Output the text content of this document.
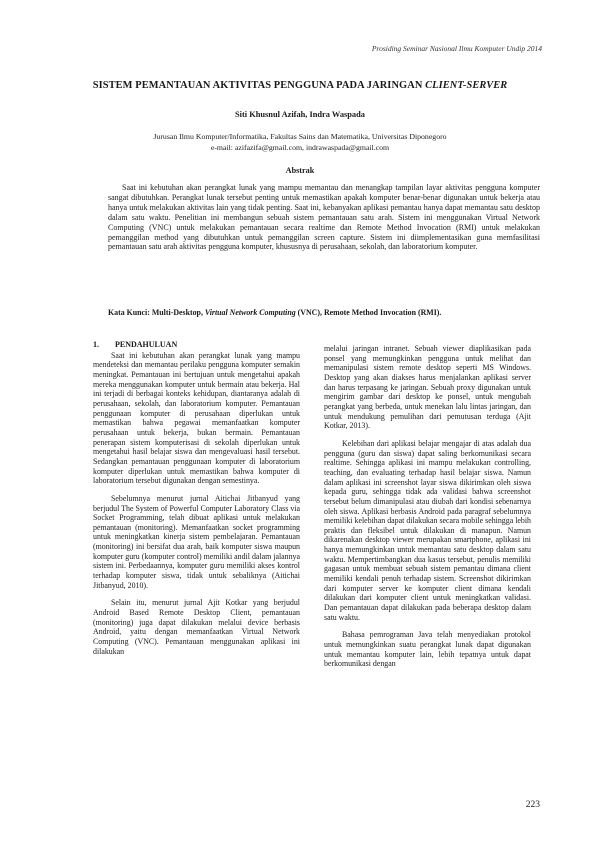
Prosiding Seminar Nasional Ilmu Komputer Undip 2014
SISTEM PEMANTAUAN AKTIVITAS PENGGUNA PADA JARINGAN CLIENT-SERVER
Siti Khusnul Azifah, Indra Waspada
Jurusan Ilmu Komputer/Informatika, Fakultas Sains dan Matematika, Universitas Diponegoro
e-mail: azifazifa@gmail.com, indrawaspada@gmail.com
Abstrak
Saat ini kebutuhan akan perangkat lunak yang mampu memantau dan menangkap tampilan layar aktivitas pengguna komputer sangat dibutuhkan. Perangkat lunak tersebut penting untuk memastikan apakah komputer benar-benar digunakan untuk bekerja atau hanya untuk melakukan aktivitas lain yang tidak penting. Saat ini, kebanyakan aplikasi pemantau hanya dapat memantau satu desktop dalam satu waktu. Penelitian ini membangun sebuah sistem pemantauan satu arah. Sistem ini menggunakan Virtual Network Computing (VNC) untuk melakukan pemantauan secara realtime dan Remote Method Invocation (RMI) untuk melakukan pemanggilan method yang dibutuhkan untuk pemanggilan screen capture. Sistem ini diimplementasikan guna memfasilitasi pemantauan satu arah aktivitas pengguna komputer, khususnya di perusahaan, sekolah, dan laboratorium komputer.
Kata Kunci: Multi-Desktop, Virtual Network Computing (VNC), Remote Method Invocation (RMI).
1. PENDAHULUAN

Saat ini kebutuhan akan perangkat lunak yang mampu mendeteksi dan memantau perilaku pengguna komputer semakin meningkat. Pemantauan ini bertujuan untuk mengetahui apakah mereka menggunakan komputer untuk bermain atau bekerja. Hal ini terjadi di berbagai konteks kehidupan, diantaranya adalah di perusahaan, sekolah, dan laboratorium komputer. Pemantauan penggunaan komputer di perusahaan diperlukan untuk memastikan bahwa pegawai memanfaatkan komputer perusahaan untuk bekerja, bukan bermain. Pemantauan penerapan sistem komputerisasi di sekolah diperlukan untuk mengetahui hasil belajar siswa dan mengevaluasi hasil tersebut. Sedangkan pemantauan penggunaan komputer di laboratorium komputer diperlukan untuk memastikan bahwa komputer di laboratorium tersebut digunakan dengan semestinya.

Sebelumnya menurut jurnal Aitichai Jitbanyud yang berjudul The System of Powerful Computer Laboratory Class via Socket Programming, telah dibuat aplikasi untuk melakukan pemantauan (monitoring). Memanfaatkan socket programming untuk meningkatkan kinerja sistem pembelajaran. Pemantauan (monitoring) ini bersifat dua arah, baik komputer siswa maupun komputer guru (komputer control) memiliki andil dalam jalannya sistem ini. Perbedaannya, komputer guru memiliki akses kontrol terhadap komputer siswa, tidak untuk sebaliknya (Aitichai Jitbanyud, 2010).

Selain itu, menurut jurnal Ajit Kotkar yang berjudul Android Based Remote Desktop Client, pemantauan (monitoring) juga dapat dilakukan melalui device berbasis Android, yaitu dengan memanfaatkan Virtual Network Computing (VNC). Pemantauan menggunakan aplikasi ini dilakukan

melalui jaringan intranet. Sebuah viewer diaplikasikan pada ponsel yang memungkinkan pengguna untuk melihat dan memanipulasi sistem remote desktop seperti MS Windows. Desktop yang akan diakses harus menjalankan aplikasi server dan harus terpasang ke jaringan. Sebuah proxy digunakan untuk mengirim gambar dari desktop ke ponsel, untuk mengubah perangkat yang berbeda, untuk menekan lalu lintas jaringan, dan untuk mendukung pemulihan dari pemutusan terduga (Ajit Kotkar, 2013).

Kelebihan dari aplikasi belajar mengajar di atas adalah dua pengguna (guru dan siswa) dapat saling berkomunikasi secara realtime. Sehingga aplikasi ini mampu melakukan controlling, teaching, dan evaluating terhadap hasil belajar siswa. Namun dalam aplikasi ini screenshot layar siswa dikirimkan oleh siswa kepada guru, sehingga tidak ada validasi bahwa screenshot tersebut belum dimanipulasi atau diubah dari kondisi sebenarnya oleh siswa. Aplikasi berbasis Android pada paragraf sebelumnya memiliki kelebihan dapat dilakukan secara mobile sehingga lebih praktis dan fleksibel untuk dilakukan di manapun. Namun dikarenakan desktop viewer merupakan smartphone, aplikasi ini hanya memungkinkan untuk memantau satu desktop dalam satu waktu. Mempertimbangkan dua kasus tersebut, penulis memiliki gagasan untuk membuat sebuah sistem pemantau dimana client memiliki kendali penuh terhadap sistem. Screenshot dikirimkan dari komputer server ke komputer client dimana kendali dilakukan dari komputer client untuk meningkatkan validasi. Dan pemantauan dapat dilakukan pada beberapa desktop dalam satu waktu.

Bahasa pemrograman Java telah menyediakan protokol untuk memungkinkan suatu perangkat lunak dapat digunakan untuk memantau komputer lain, lebih tepatnya untuk dapat berkomunikasi dengan

223
